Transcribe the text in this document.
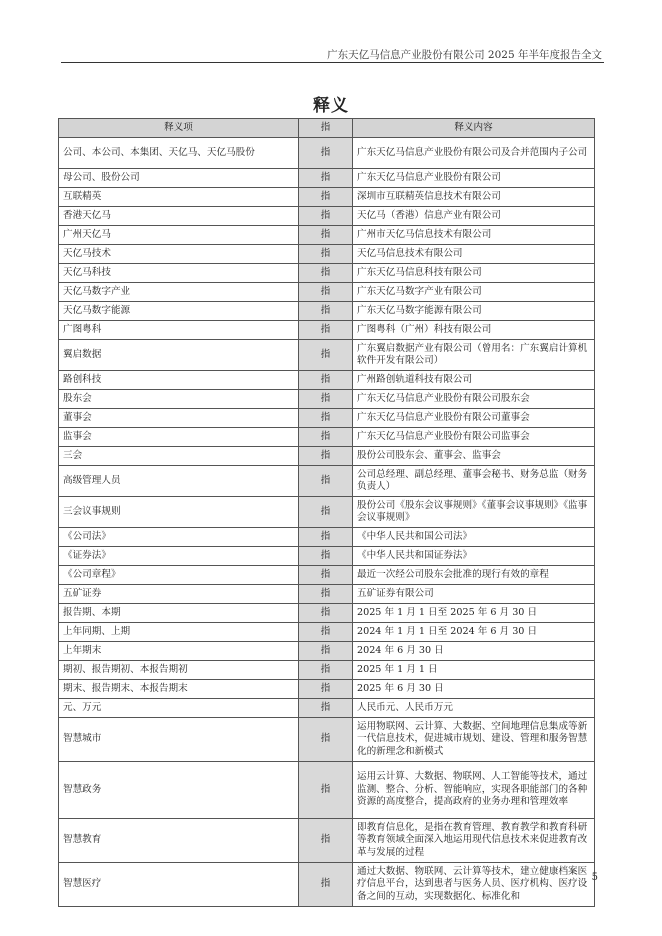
广东天亿马信息产业股份有限公司 2025 年半年度报告全文
释义
释义项	指	释义内容
公司、本公司、本集团、天亿马、天亿马股份	指	广东天亿马信息产业股份有限公司及合并范围内子公司
母公司、股份公司	指	广东天亿马信息产业股份有限公司
互联精英	指	深圳市互联精英信息技术有限公司
香港天亿马	指	天亿马（香港）信息产业有限公司
广州天亿马	指	广州市天亿马信息技术有限公司
天亿马技术	指	天亿马信息技术有限公司
天亿马科技	指	广东天亿马信息科技有限公司
天亿马数字产业	指	广东天亿马数字产业有限公司
天亿马数字能源	指	广东天亿马数字能源有限公司
广图粤科	指	广图粤科（广州）科技有限公司
翼启数据	指	广东翼启数据产业有限公司（曾用名：广东翼启计算机软件开发有限公司）
路创科技	指	广州路创轨道科技有限公司
股东会	指	广东天亿马信息产业股份有限公司股东会
董事会	指	广东天亿马信息产业股份有限公司董事会
监事会	指	广东天亿马信息产业股份有限公司监事会
三会	指	股份公司股东会、董事会、监事会
高级管理人员	指	公司总经理、副总经理、董事会秘书、财务总监（财务负责人）
三会议事规则	指	股份公司《股东会议事规则》《董事会议事规则》《监事会议事规则》
《公司法》	指	《中华人民共和国公司法》
《证券法》	指	《中华人民共和国证券法》
《公司章程》	指	最近一次经公司股东会批准的现行有效的章程
五矿证券	指	五矿证券有限公司
报告期、本期	指	2025 年 1 月 1 日至 2025 年 6 月 30 日
上年同期、上期	指	2024 年 1 月 1 日至 2024 年 6 月 30 日
上年期末	指	2024 年 6 月 30 日
期初、报告期初、本报告期初	指	2025 年 1 月 1 日
期末、报告期末、本报告期末	指	2025 年 6 月 30 日
元、万元	指	人民币元、人民币万元
智慧城市	指	运用物联网、云计算、大数据、空间地理信息集成等新一代信息技术，促进城市规划、建设、管理和服务智慧化的新理念和新模式
智慧政务	指	运用云计算、大数据、物联网、人工智能等技术，通过监测、整合、分析、智能响应，实现各职能部门的各种资源的高度整合，提高政府的业务办理和管理效率
智慧教育	指	即教育信息化，是指在教育管理、教育教学和教育科研等教育领域全面深入地运用现代信息技术来促进教育改革与发展的过程
智慧医疗	指	通过大数据、物联网、云计算等技术，建立健康档案医疗信息平台，达到患者与医务人员、医疗机构、医疗设备之间的互动，实现数据化、标准化和
5
